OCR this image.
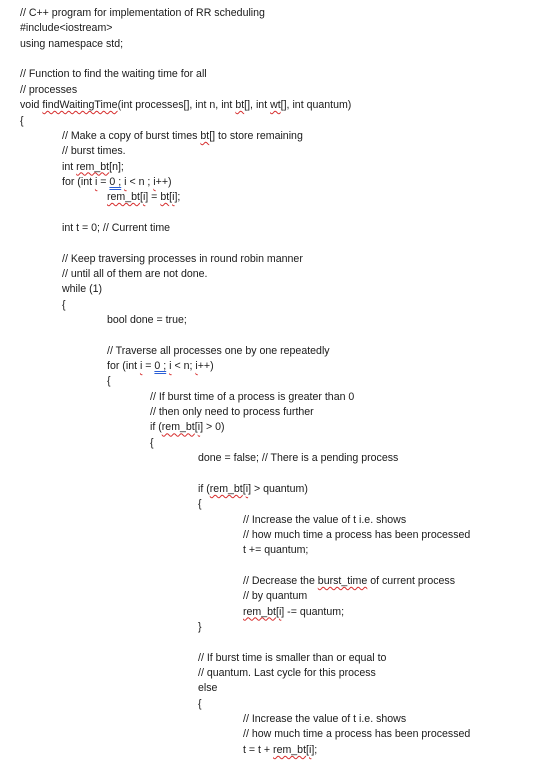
// C++ program for implementation of RR scheduling
#include<iostream>
using namespace std;
// Function to find the waiting time for all
// processes
void findWaitingTime(int processes[], int n, int bt[], int wt[], int quantum)
{
// Make a copy of burst times bt[] to store remaining
// burst times.
int rem_bt[n];
for (int i = 0 ; i < n ; i++)
rem_bt[i] = bt[i];
int t = 0; // Current time
// Keep traversing processes in round robin manner
// until all of them are not done.
while (1)
{
bool done = true;
// Traverse all processes one by one repeatedly
for (int i = 0 ; i < n; i++)
{
// If burst time of a process is greater than 0
// then only need to process further
if (rem_bt[i] > 0)
{
done = false; // There is a pending process
if (rem_bt[i] > quantum)
{
// Increase the value of t i.e. shows
// how much time a process has been processed
t += quantum;
// Decrease the burst_time of current process
// by quantum
rem_bt[i] -= quantum;
}
// If burst time is smaller than or equal to
// quantum. Last cycle for this process
else
{
// Increase the value of t i.e. shows
// how much time a process has been processed
t = t + rem_bt[i];
